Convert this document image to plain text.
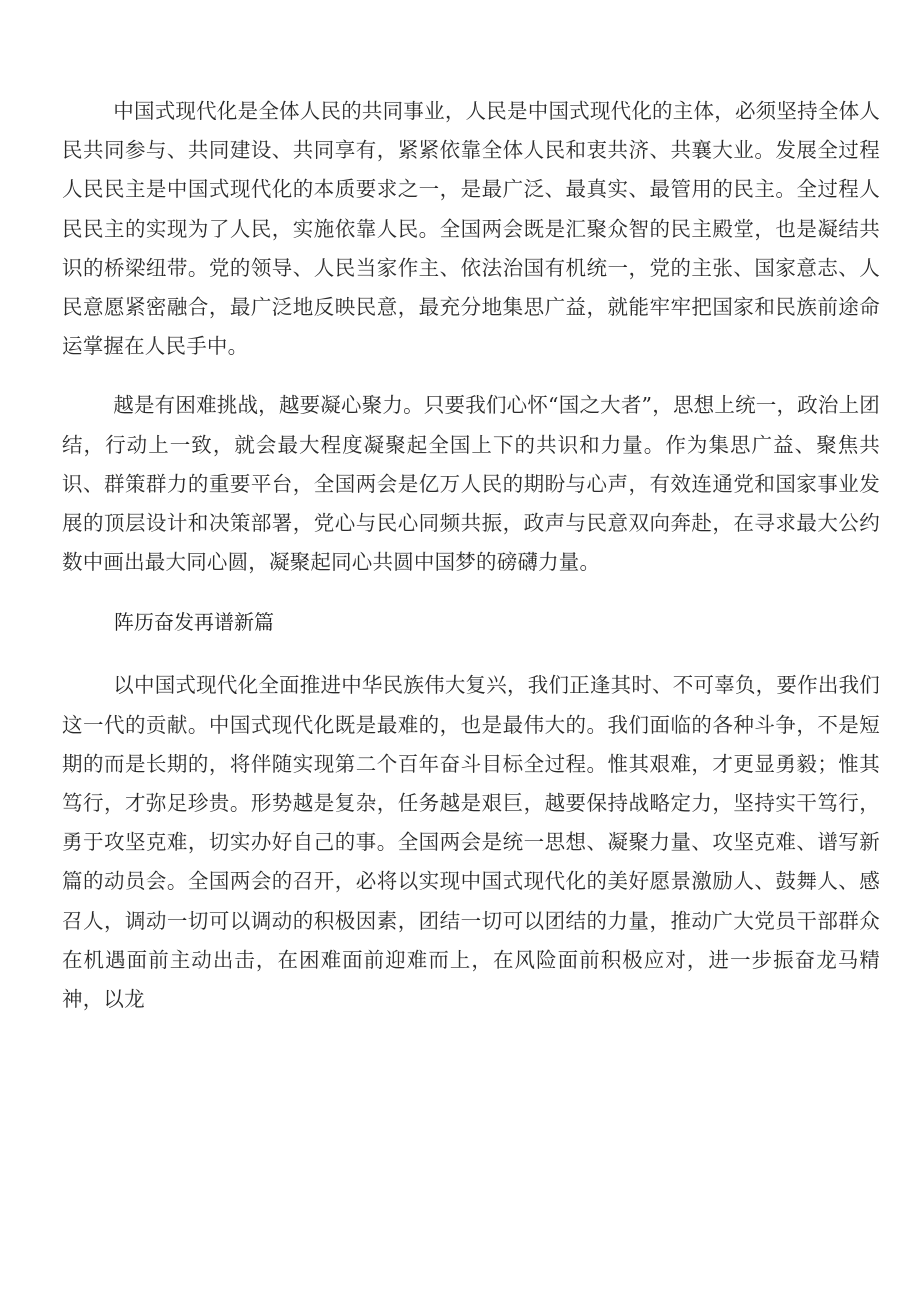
中国式现代化是全体人民的共同事业，人民是中国式现代化的主体，必须坚持全体人民共同参与、共同建设、共同享有，紧紧依靠全体人民和衷共济、共襄大业。发展全过程人民民主是中国式现代化的本质要求之一，是最广泛、最真实、最管用的民主。全过程人民民主的实现为了人民，实施依靠人民。全国两会既是汇聚众智的民主殿堂，也是凝结共识的桥梁纽带。党的领导、人民当家作主、依法治国有机统一，党的主张、国家意志、人民意愿紧密融合，最广泛地反映民意，最充分地集思广益，就能牢牢把国家和民族前途命运掌握在人民手中。

越是有困难挑战，越要凝心聚力。只要我们心怀“国之大者”，思想上统一，政治上团结，行动上一致，就会最大程度凝聚起全国上下的共识和力量。作为集思广益、聚焦共识、群策群力的重要平台，全国两会是亿万人民的期盼与心声，有效连通党和国家事业发展的顶层设计和决策部署，党心与民心同频共振，政声与民意双向奔赴，在寻求最大公约数中画出最大同心圆，凝聚起同心共圆中国梦的磅礴力量。

阵历奋发再谱新篇

以中国式现代化全面推进中华民族伟大复兴，我们正逢其时、不可辜负，要作出我们这一代的贡献。中国式现代化既是最难的，也是最伟大的。我们面临的各种斗争，不是短期的而是长期的，将伴随实现第二个百年奋斗目标全过程。惟其艰难，才更显勇毅；惟其笃行，才弥足珍贵。形势越是复杂，任务越是艰巨，越要保持战略定力，坚持实干笃行，勇于攻坚克难，切实办好自己的事。全国两会是统一思想、凝聚力量、攻坚克难、谱写新篇的动员会。全国两会的召开，必将以实现中国式现代化的美好愿景激励人、鼓舞人、感召人，调动一切可以调动的积极因素，团结一切可以团结的力量，推动广大党员干部群众在机遇面前主动出击，在困难面前迎难而上，在风险面前积极应对，进一步振奋龙马精神，以龙
